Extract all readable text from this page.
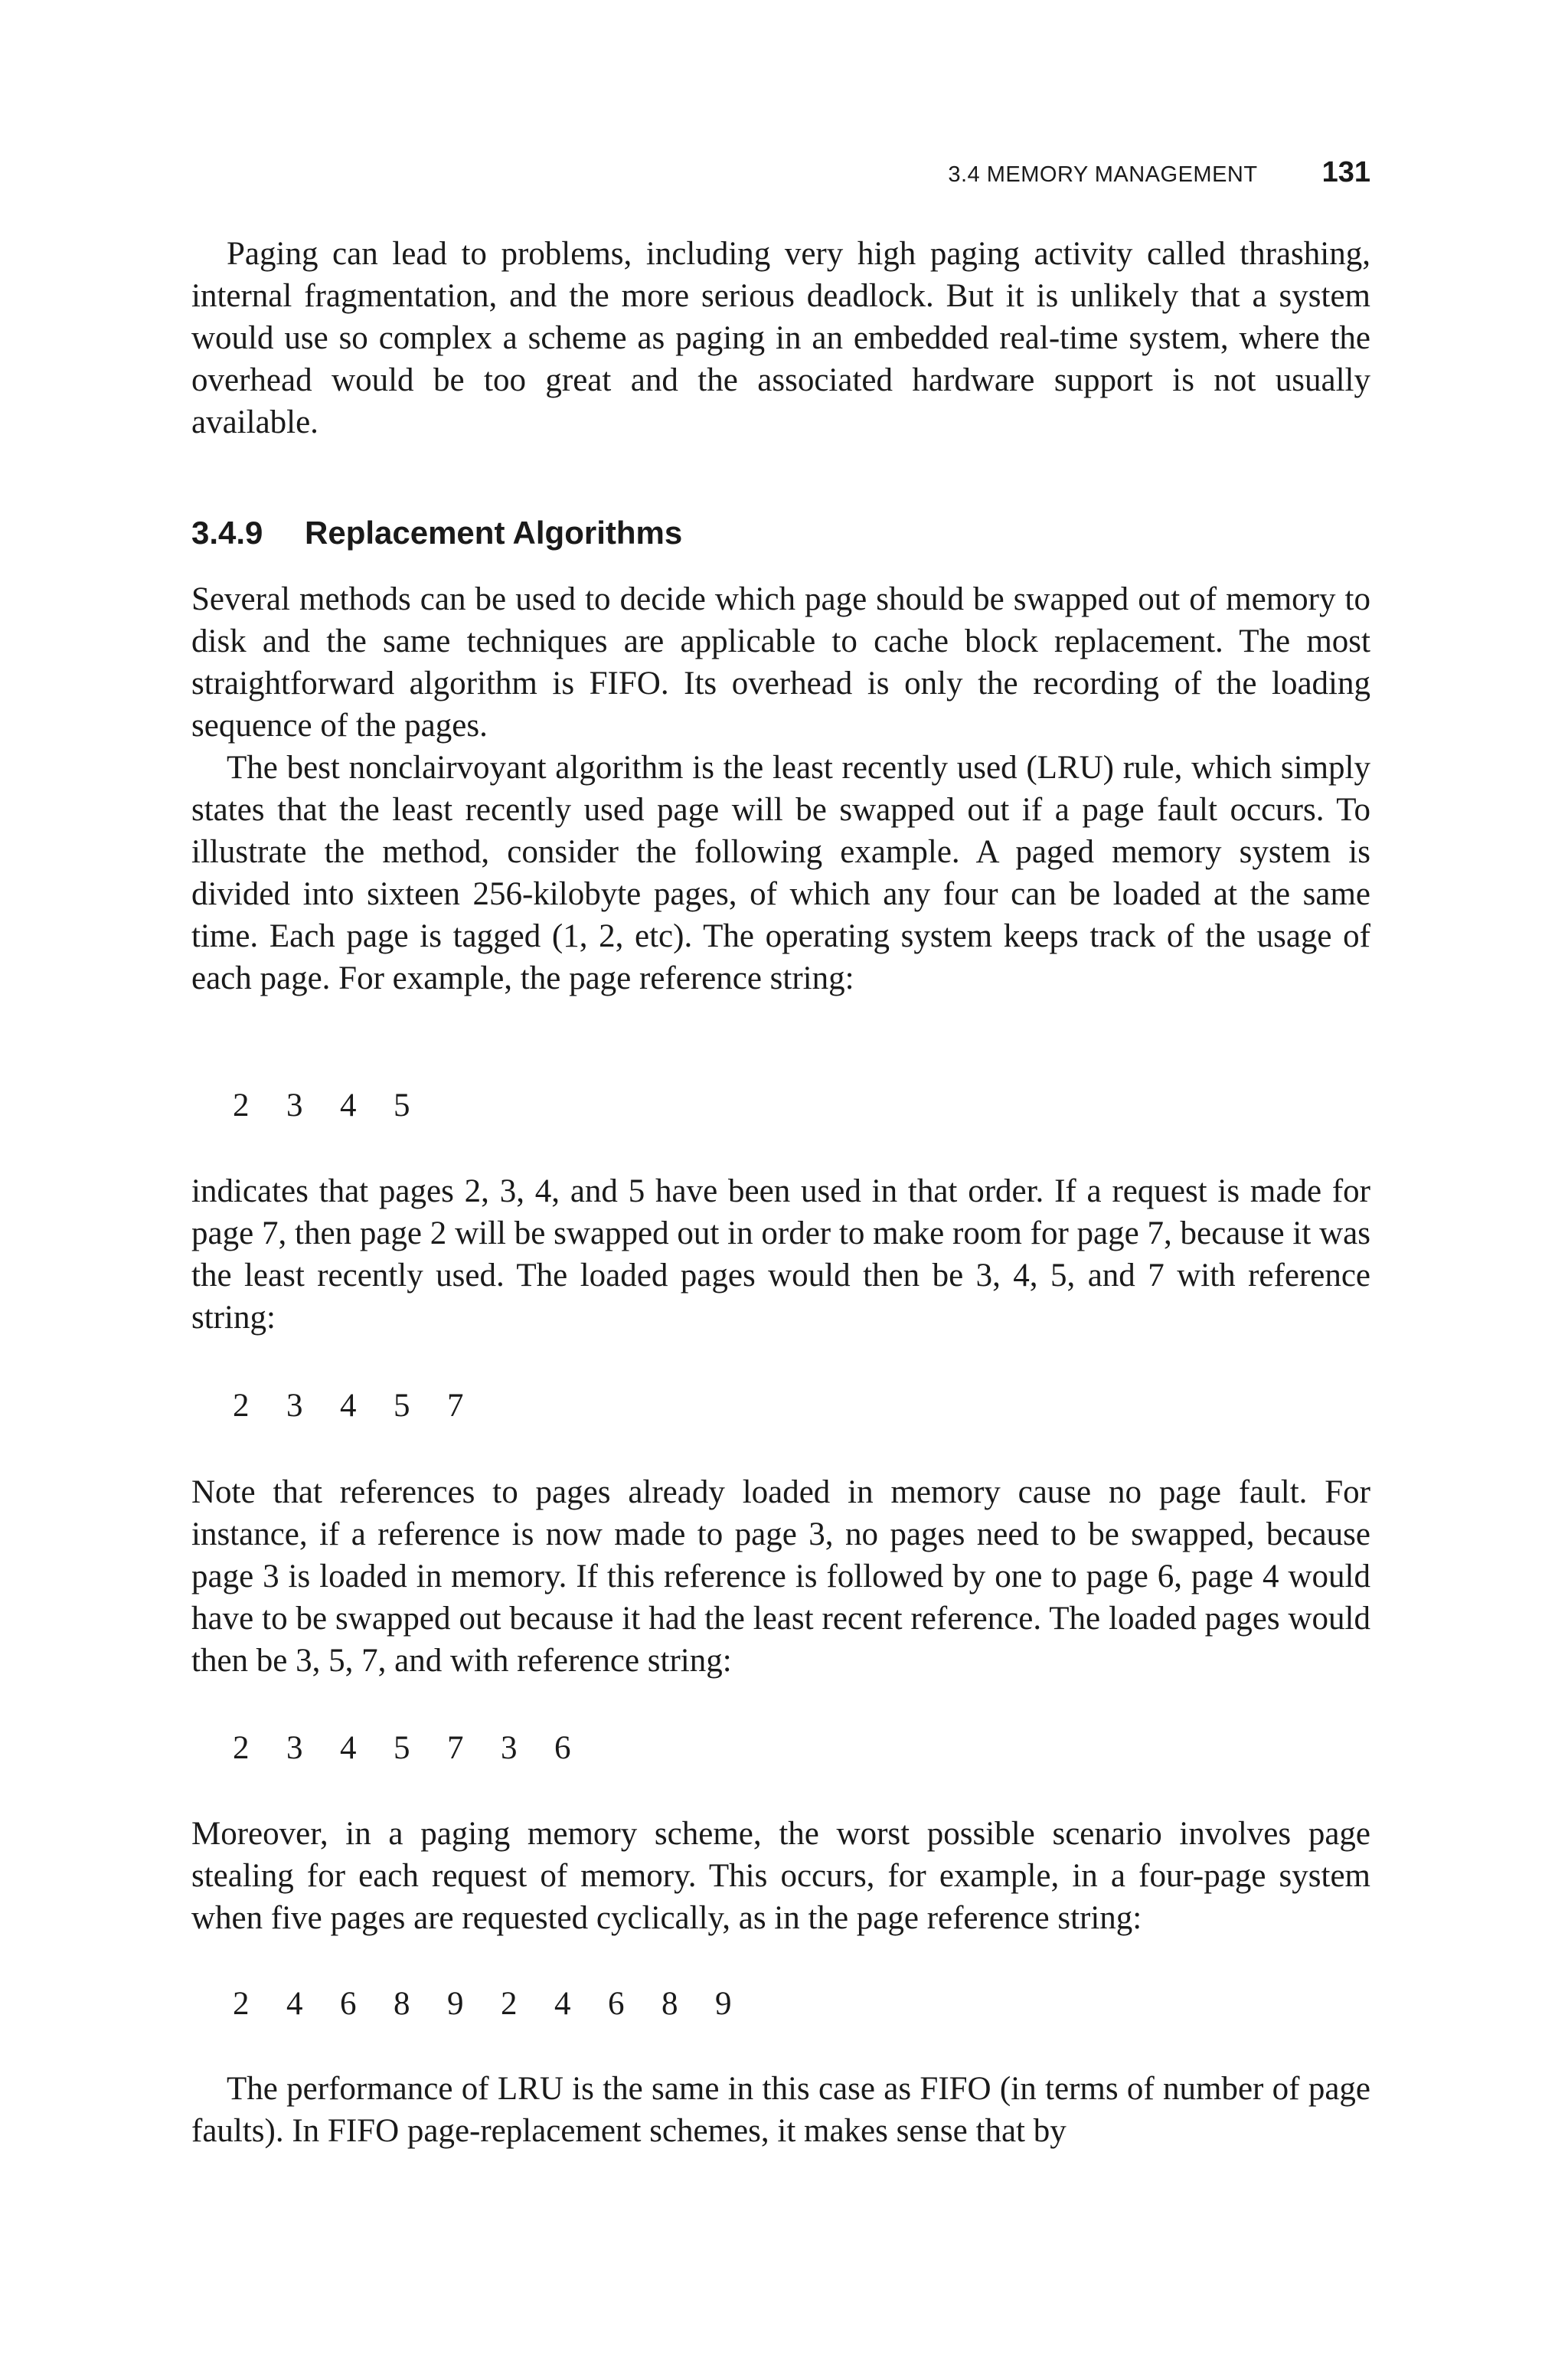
3.4 MEMORY MANAGEMENT 131

Paging can lead to problems, including very high paging activity called thrashing, internal fragmentation, and the more serious deadlock. But it is unlikely that a system would use so complex a scheme as paging in an embedded real-time system, where the overhead would be too great and the associated hardware support is not usually available.

3.4.9 Replacement Algorithms

Several methods can be used to decide which page should be swapped out of memory to disk and the same techniques are applicable to cache block replacement. The most straightforward algorithm is FIFO. Its overhead is only the recording of the loading sequence of the pages.

The best nonclairvoyant algorithm is the least recently used (LRU) rule, which simply states that the least recently used page will be swapped out if a page fault occurs. To illustrate the method, consider the following example. A paged memory system is divided into sixteen 256-kilobyte pages, of which any four can be loaded at the same time. Each page is tagged (1, 2, etc). The operating system keeps track of the usage of each page. For example, the page reference string:

2	3	4	5

indicates that pages 2, 3, 4, and 5 have been used in that order. If a request is made for page 7, then page 2 will be swapped out in order to make room for page 7, because it was the least recently used. The loaded pages would then be 3, 4, 5, and 7 with reference string:

2	3	4	5	7

Note that references to pages already loaded in memory cause no page fault. For instance, if a reference is now made to page 3, no pages need to be swapped, because page 3 is loaded in memory. If this reference is followed by one to page 6, page 4 would have to be swapped out because it had the least recent reference. The loaded pages would then be 3, 5, 7, and with reference string:

2	3	4	5	7	3	6

Moreover, in a paging memory scheme, the worst possible scenario involves page stealing for each request of memory. This occurs, for example, in a four-page system when five pages are requested cyclically, as in the page reference string:

2	4	6	8	9	2	4	6	8	9

The performance of LRU is the same in this case as FIFO (in terms of number of page faults). In FIFO page-replacement schemes, it makes sense that by
